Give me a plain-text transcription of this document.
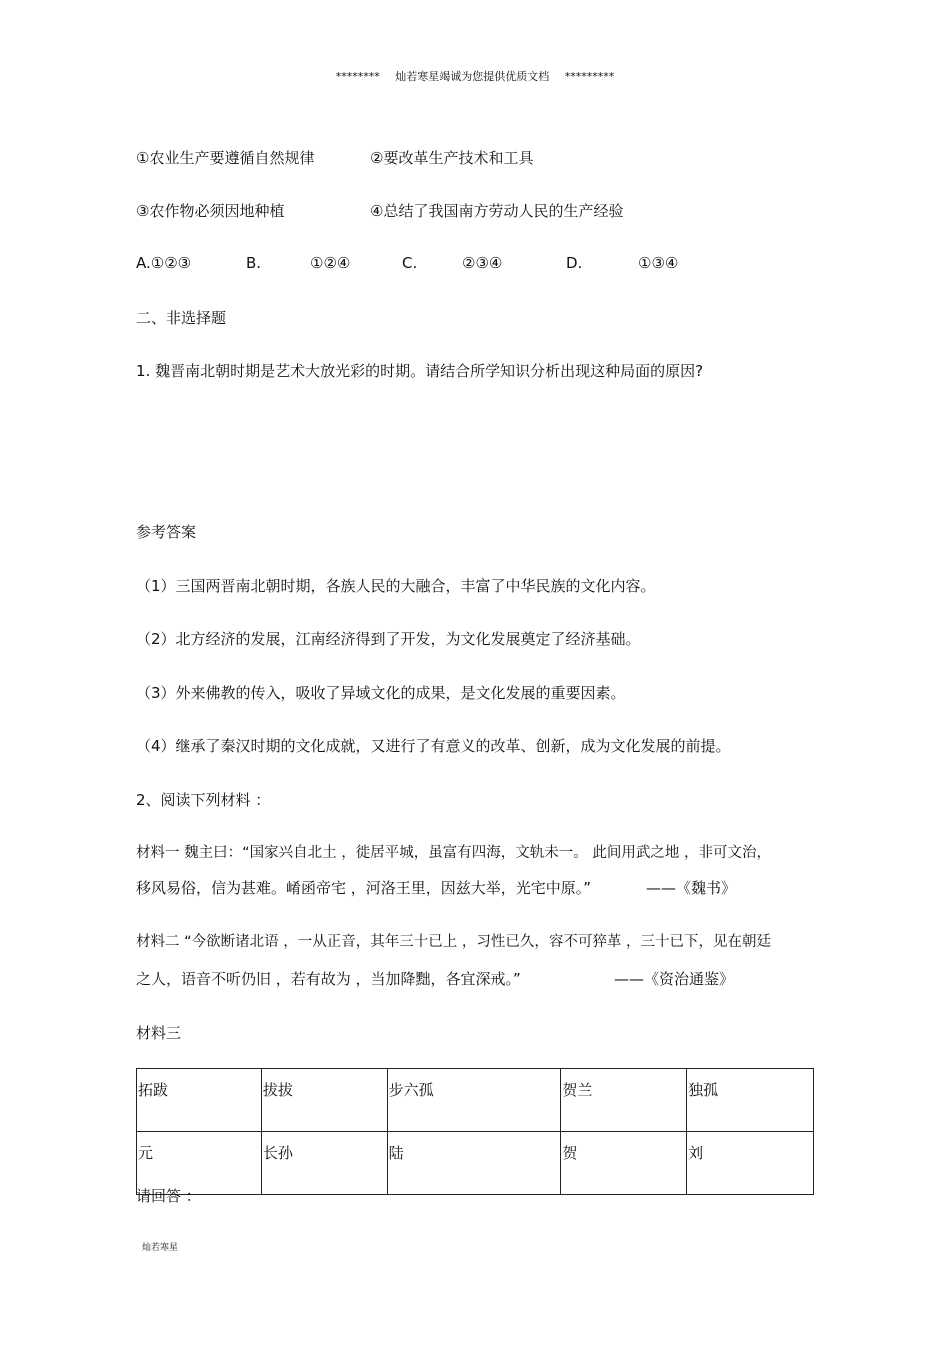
******** 灿若寒星竭诚为您提供优质文档 *********
①农业生产要遵循自然规律	②要改革生产技术和工具
③农作物必须因地种植	④总结了我国南方劳动人民的生产经验
A.①②③	B.	①②④	C.	②③④	D.	①③④
二、非选择题
1. 魏晋南北朝时期是艺术大放光彩的时期。请结合所学知识分析出现这种局面的原因?
参考答案
（1）三国两晋南北朝时期，各族人民的大融合，丰富了中华民族的文化内容。
（2）北方经济的发展，江南经济得到了开发，为文化发展奠定了经济基础。
（3）外来佛教的传入，吸收了异域文化的成果，是文化发展的重要因素。
（4）继承了秦汉时期的文化成就，又进行了有意义的改革、创新，成为文化发展的前提。
2、阅读下列材料 ：
材料一 魏主曰：“国家兴自北土 ，徙居平城，虽富有四海，文轨未一。 此间用武之地 ，非可文治，
移风易俗，信为甚难。崤函帝宅 ，河洛王里，因兹大举，光宅中原。”	——《魏书》
材料二 “今欲断诸北语 ，一从正音，其年三十已上 ，习性已久，容不可猝革 ，三十已下，见在朝廷
之人，语音不听仍旧 ，若有故为 ，当加降黜，各宜深戒。”	——《资治通鉴》
材料三
拓跋	拔拔	步六孤	贺兰	独孤
元	长孙	陆	贺	刘
请回答 ：
灿若寒星
